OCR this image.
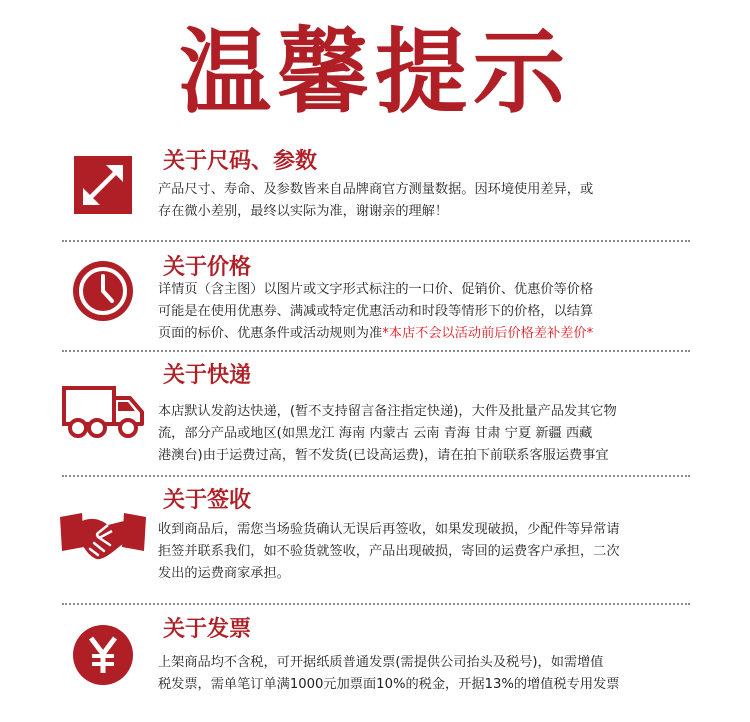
温馨提示
关于尺码、参数
产品尺寸、寿命、及参数皆来自品牌商官方测量数据。因环境使用差异，或
存在微小差别，最终以实际为准，谢谢亲的理解！
关于价格
详情页（含主图）以图片或文字形式标注的一口价、促销价、优惠价等价格
可能是在使用优惠券、满减或特定优惠活动和时段等情形下的价格，以结算
页面的标价、优惠条件或活动规则为准*本店不会以活动前后价格差补差价*
关于快递
本店默认发韵达快递，(暂不支持留言备注指定快递)，大件及批量产品发其它物
流，部分产品或地区(如黑龙江 海南 内蒙古 云南 青海 甘肃 宁夏 新疆 西藏
港澳台)由于运费过高，暂不发货(已设高运费)，请在拍下前联系客服运费事宜
关于签收
收到商品后，需您当场验货确认无误后再签收，如果发现破损，少配件等异常请
拒签并联系我们，如不验货就签收，产品出现破损，寄回的运费客户承担，二次
发出的运费商家承担。
关于发票
上架商品均不含税，可开据纸质普通发票(需提供公司抬头及税号)，如需增值
税发票，需单笔订单满1000元加票面10%的税金，开据13%的增值税专用发票
